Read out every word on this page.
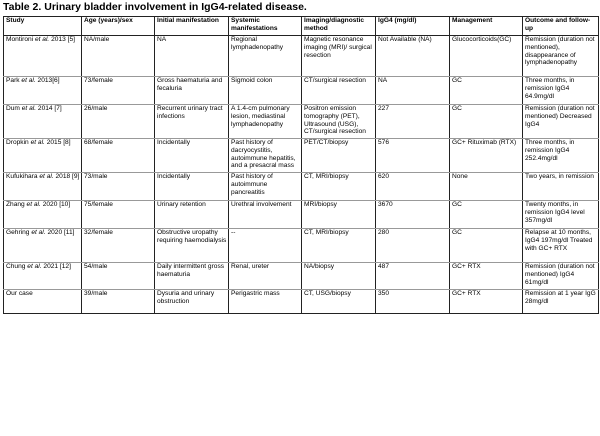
Table 2. Urinary bladder involvement in IgG4-related disease.
Study	Age (years)/sex	Initial manifestation	Systemic manifestations	Imaging/diagnostic method	IgG4 (mg/dl)	Management	Outcome and follow-up
Montironi et al. 2013 [5]	NA/male	NA	Regional lymphadenopathy	Magnetic resonance imaging (MRI)/ surgical resection	Not Available (NA)	Glucocorticoids(GC)	Remission (duration not mentioned), disappearance of lymphadenopathy
Park et al. 2013[6]	73/female	Gross haematuria and fecaluria	Sigmoid colon	CT/surgical resection	NA	GC	Three months, in remission IgG4 64.9mg/dl
Dum et al. 2014 [7]	26/male	Recurrent urinary tract infections	A 1.4-cm pulmonary lesion, mediastinal lymphadenopathy	Positron emission tomography (PET), Ultrasound (USG), CT/surgical resection	227	GC	Remission (duration not mentioned) Decreased IgG4
Dropkin et al. 2015 [8]	68/female	Incidentally	Past history of dacryocystitis, autoimmune hepatitis, and a presacral mass	PET/CT/biopsy	576	GC+ Rituximab (RTX)	Three months, in remission IgG4 252.4mg/dl
Kufukihara et al. 2018 [9]	73/male	Incidentally	Past history of autoimmune pancreatitis	CT, MRI/biopsy	620	None	Two years, in remission
Zhang et al. 2020 [10]	75/female	Urinary retention	Urethral involvement	MRI/biopsy	3670	GC	Twenty months, in remission IgG4 level 357mg/dl
Gehring et al. 2020 [11]	32/female	Obstructive uropathy requiring haemodialysis	--	CT, MRI/biopsy	280	GC	Relapse at 10 months, IgG4 197mg/dl Treated with GC+ RTX
Chung et al. 2021 [12]	54/male	Daily intermittent gross haematuria	Renal, ureter	NA/biopsy	487	GC+ RTX	Remission (duration not mentioned) IgG4 61mg/dl
Our case	39/male	Dysuria and urinary obstruction	Perigastric mass	CT, USG/biopsy	350	GC+ RTX	Remission at 1 year IgG 28mg/dl
